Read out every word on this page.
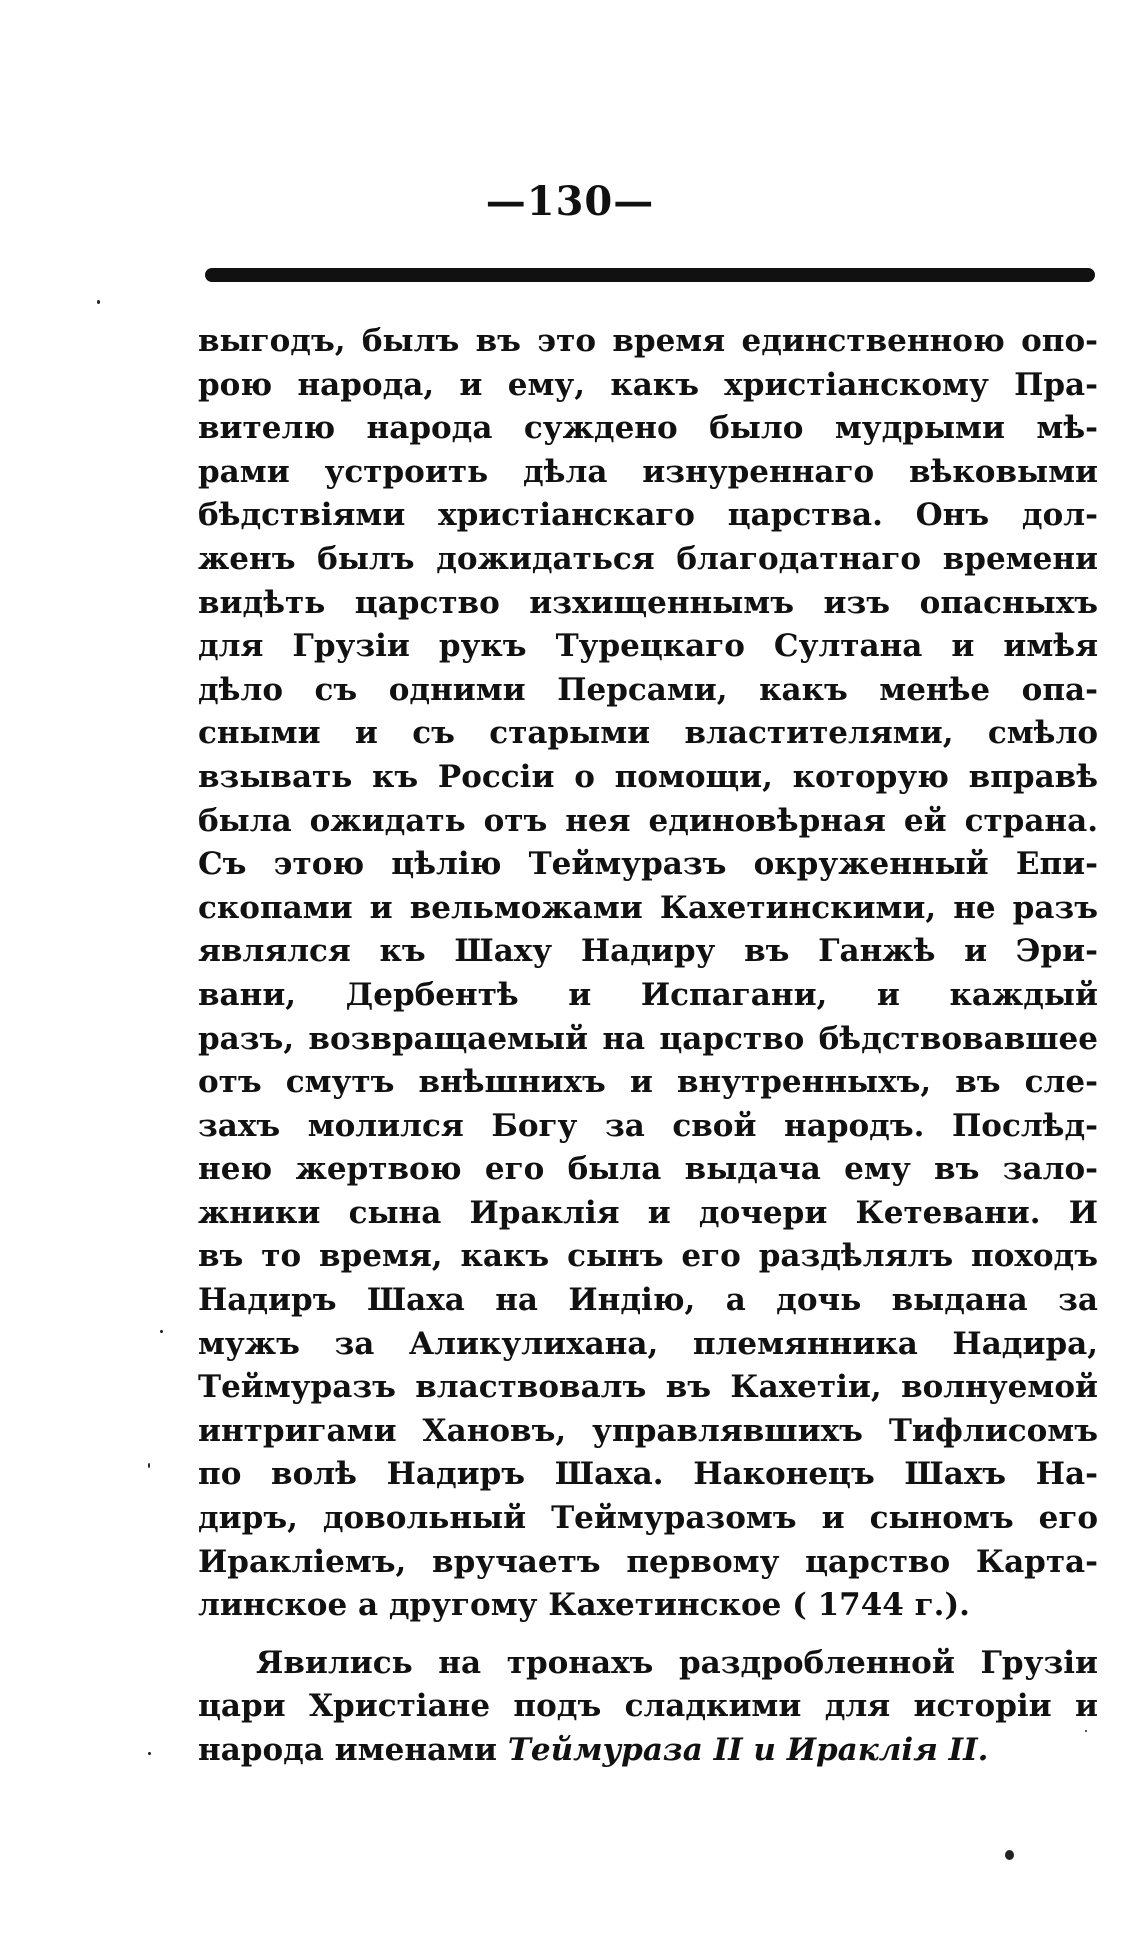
—130—
выгодъ, былъ въ это время единственною опо-
рою народа, и ему, какъ христіанскому Пра-
вителю народа суждено было мудрыми мѣ-
рами устроить дѣла изнуреннаго вѣковыми
бѣдствіями христіанскаго царства. Онъ дол-
женъ былъ дожидаться благодатнаго времени
видѣть царство изхищеннымъ изъ опасныхъ
для Грузіи рукъ Турецкаго Султана и имѣя
дѣло съ одними Персами, какъ менѣе опа-
сными и съ старыми властителями, смѣло
взывать къ Россіи о помощи, которую вправѣ
была ожидать отъ нея единовѣрная ей страна.
Съ этою цѣлію Теймуразъ окруженный Епи-
скопами и вельможами Кахетинскими, не разъ
являлся къ Шаху Надиру въ Ганжѣ и Эри-
вани, Дербентѣ и Испагани, и каждый
разъ, возвращаемый на царство бѣдствовавшее
отъ смутъ внѣшнихъ и внутренныхъ, въ сле-
захъ молился Богу за свой народъ. Послѣд-
нею жертвою его была выдача ему въ зало-
жники сына Ираклія и дочери Кетевани. И
въ то время, какъ сынъ его раздѣлялъ походъ
Надиръ Шаха на Индію, а дочь выдана за
мужъ за Аликулихана, племянника Надира,
Теймуразъ властвовалъ въ Кахетіи, волнуемой
интригами Хановъ, управлявшихъ Тифлисомъ
по волѣ Надиръ Шаха. Наконецъ Шахъ На-
диръ, довольный Теймуразомъ и сыномъ его
Иракліемъ, вручаетъ первому царство Карта-
линское а другому Кахетинское ( 1744 г.).
Явились на тронахъ раздробленной Грузіи
цари Христіане подъ сладкими для исторіи и
народа именами Теймураза II и Ираклія II.
